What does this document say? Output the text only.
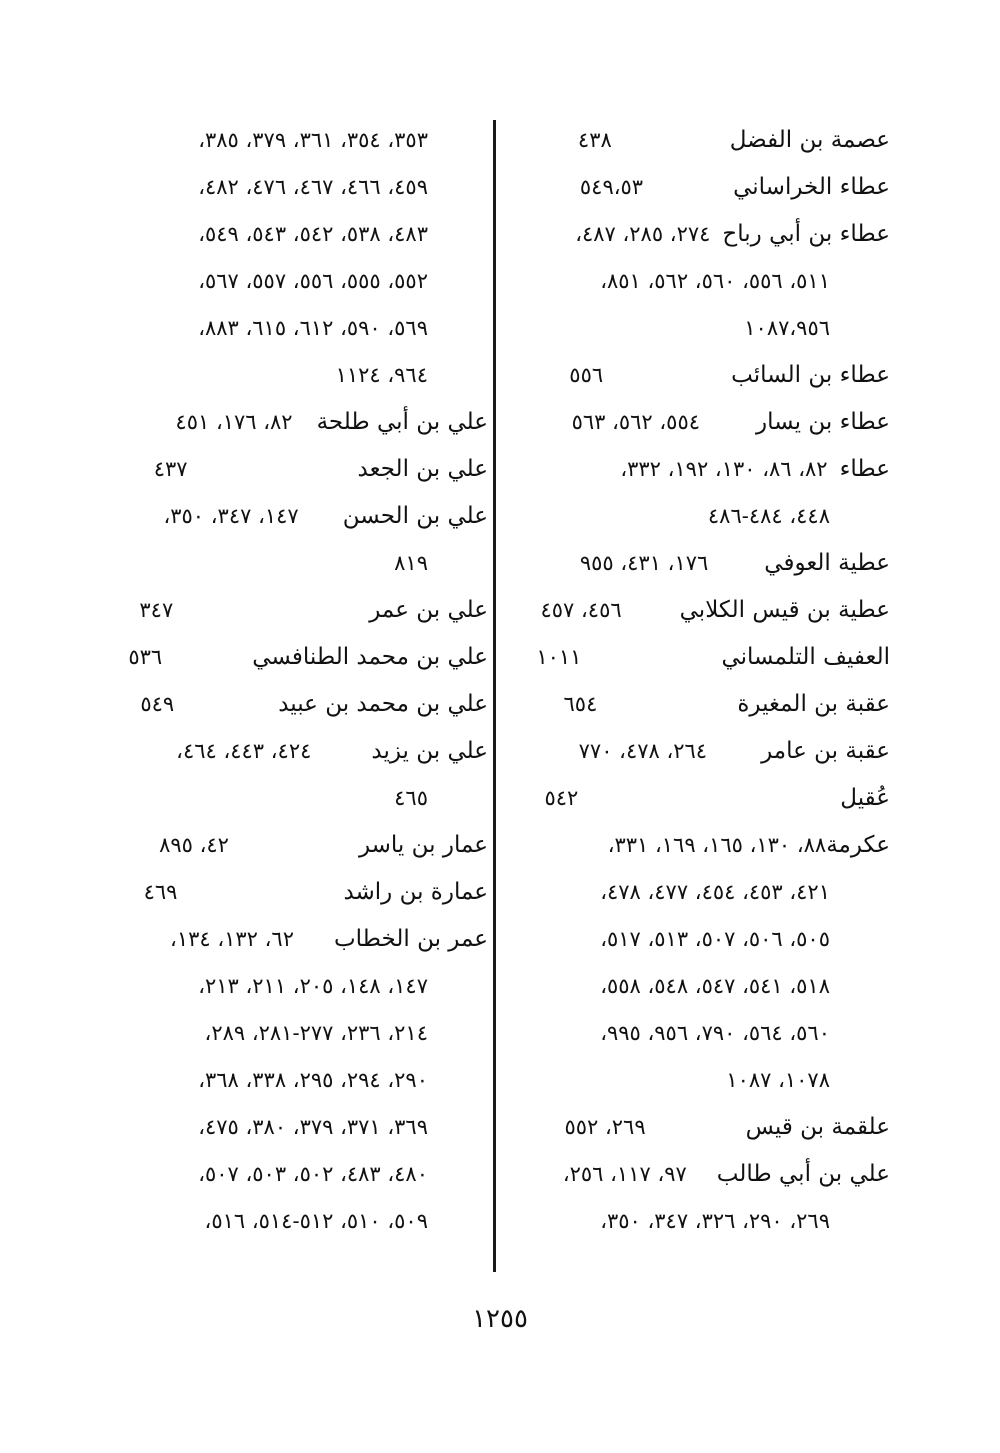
عصمة بن الفضل٤٣٨
عطاء الخراساني٥٤٩،٥٣
عطاء بن أبي رباح٢٧٤، ٢٨٥، ٤٨٧،
٥١١، ٥٥٦، ٥٦٠، ٥٦٢، ٨٥١،
١٠٨٧،٩٥٦
عطاء بن السائب٥٥٦
عطاء بن يسار٥٥٤، ٥٦٢، ٥٦٣
عطاء٨٢، ٨٦، ١٣٠، ١٩٢، ٣٣٢،
٤٤٨، ٤٨٤-٤٨٦
عطية العوفي١٧٦، ٤٣١، ٩٥٥
عطية بن قيس الكلابي٤٥٦، ٤٥٧
العفيف التلمساني١٠١١
عقبة بن المغيرة٦٥٤
عقبة بن عامر٢٦٤، ٤٧٨، ٧٧٠
عُقيل٥٤٢
عكرمة٨٨، ١٣٠، ١٦٥، ١٦٩، ٣٣١،
٤٢١، ٤٥٣، ٤٥٤، ٤٧٧، ٤٧٨،
٥٠٥، ٥٠٦، ٥٠٧، ٥١٣، ٥١٧،
٥١٨، ٥٤١، ٥٤٧، ٥٤٨، ٥٥٨،
٥٦٠، ٥٦٤، ٧٩٠، ٩٥٦، ٩٩٥،
١٠٧٨، ١٠٨٧
علقمة بن قيس٢٦٩، ٥٥٢
علي بن أبي طالب٩٧، ١١٧، ٢٥٦،
٢٦٩، ٢٩٠، ٣٢٦، ٣٤٧، ٣٥٠،
٣٥٣، ٣٥٤، ٣٦١، ٣٧٩، ٣٨٥،
٤٥٩، ٤٦٦، ٤٦٧، ٤٧٦، ٤٨٢،
٤٨٣، ٥٣٨، ٥٤٢، ٥٤٣، ٥٤٩،
٥٥٢، ٥٥٥، ٥٥٦، ٥٥٧، ٥٦٧،
٥٦٩، ٥٩٠، ٦١٢، ٦١٥، ٨٨٣،
٩٦٤، ١١٢٤
علي بن أبي طلحة٨٢، ١٧٦، ٤٥١
علي بن الجعد٤٣٧
علي بن الحسن١٤٧، ٣٤٧، ٣٥٠،
٨١٩
علي بن عمر٣٤٧
علي بن محمد الطنافسي٥٣٦
علي بن محمد بن عبيد٥٤٩
علي بن يزيد٤٢٤، ٤٤٣، ٤٦٤،
٤٦٥
عمار بن ياسر٤٢، ٨٩٥
عمارة بن راشد٤٦٩
عمر بن الخطاب٦٢، ١٣٢، ١٣٤،
١٤٧، ١٤٨، ٢٠٥، ٢١١، ٢١٣،
٢١٤، ٢٣٦، ٢٧٧-٢٨١، ٢٨٩،
٢٩٠، ٢٩٤، ٢٩٥، ٣٣٨، ٣٦٨،
٣٦٩، ٣٧١، ٣٧٩، ٣٨٠، ٤٧٥،
٤٨٠، ٤٨٣، ٥٠٢، ٥٠٣، ٥٠٧،
٥٠٩، ٥١٠، ٥١٢-٥١٤، ٥١٦،
١٢٥٥
